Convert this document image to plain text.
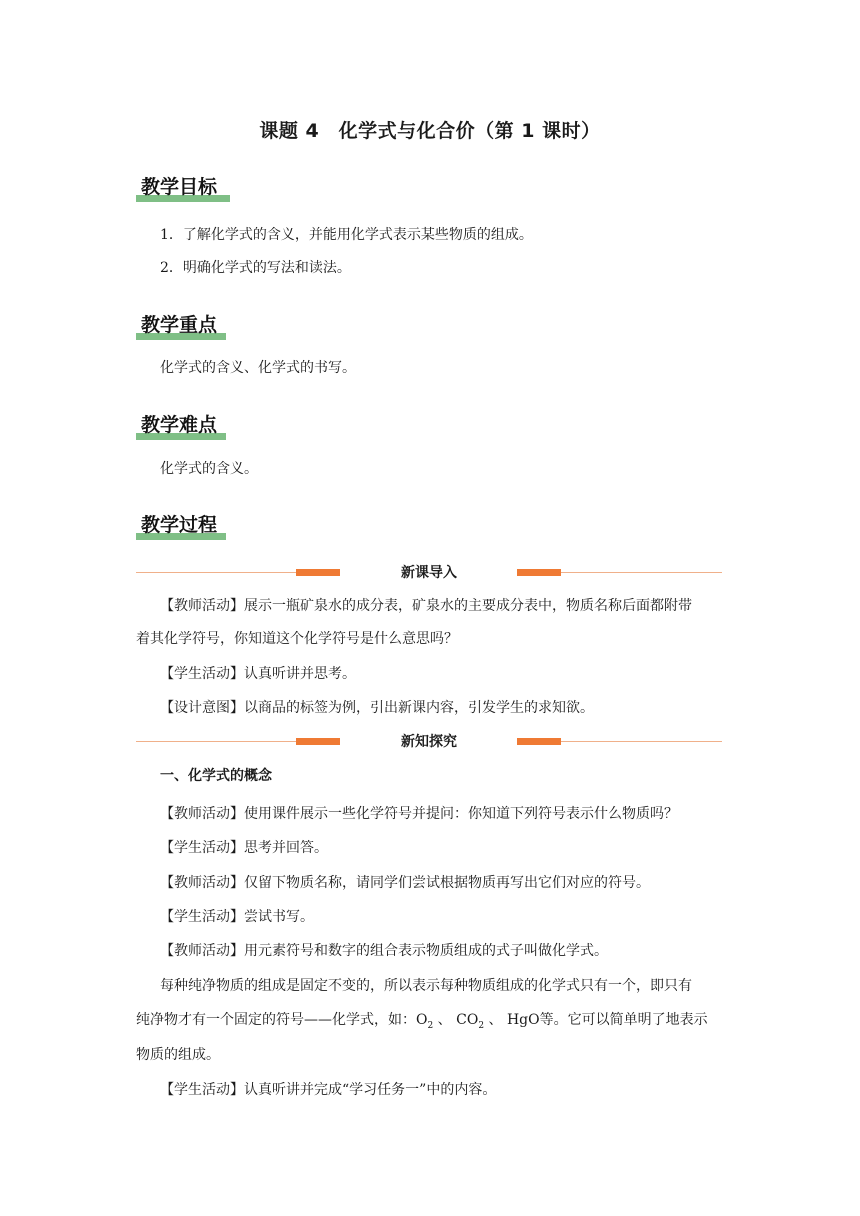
课题 4　化学式与化合价（第 1 课时）
教学目标
1．了解化学式的含义，并能用化学式表示某些物质的组成。
2．明确化学式的写法和读法。
教学重点
化学式的含义、化学式的书写。
教学难点
化学式的含义。
教学过程
新课导入
【教师活动】展示一瓶矿泉水的成分表，矿泉水的主要成分表中，物质名称后面都附带
着其化学符号，你知道这个化学符号是什么意思吗？
【学生活动】认真听讲并思考。
【设计意图】以商品的标签为例，引出新课内容，引发学生的求知欲。
新知探究
一、化学式的概念
【教师活动】使用课件展示一些化学符号并提问：你知道下列符号表示什么物质吗？
【学生活动】思考并回答。
【教师活动】仅留下物质名称，请同学们尝试根据物质再写出它们对应的符号。
【学生活动】尝试书写。
【教师活动】用元素符号和数字的组合表示物质组成的式子叫做化学式。
每种纯净物质的组成是固定不变的，所以表示每种物质组成的化学式只有一个，即只有
纯净物才有一个固定的符号——化学式，如：$O_2$ 、 $CO_2$ 、 HgO等。它可以简单明了地表示
物质的组成。
【学生活动】认真听讲并完成“学习任务一”中的内容。
